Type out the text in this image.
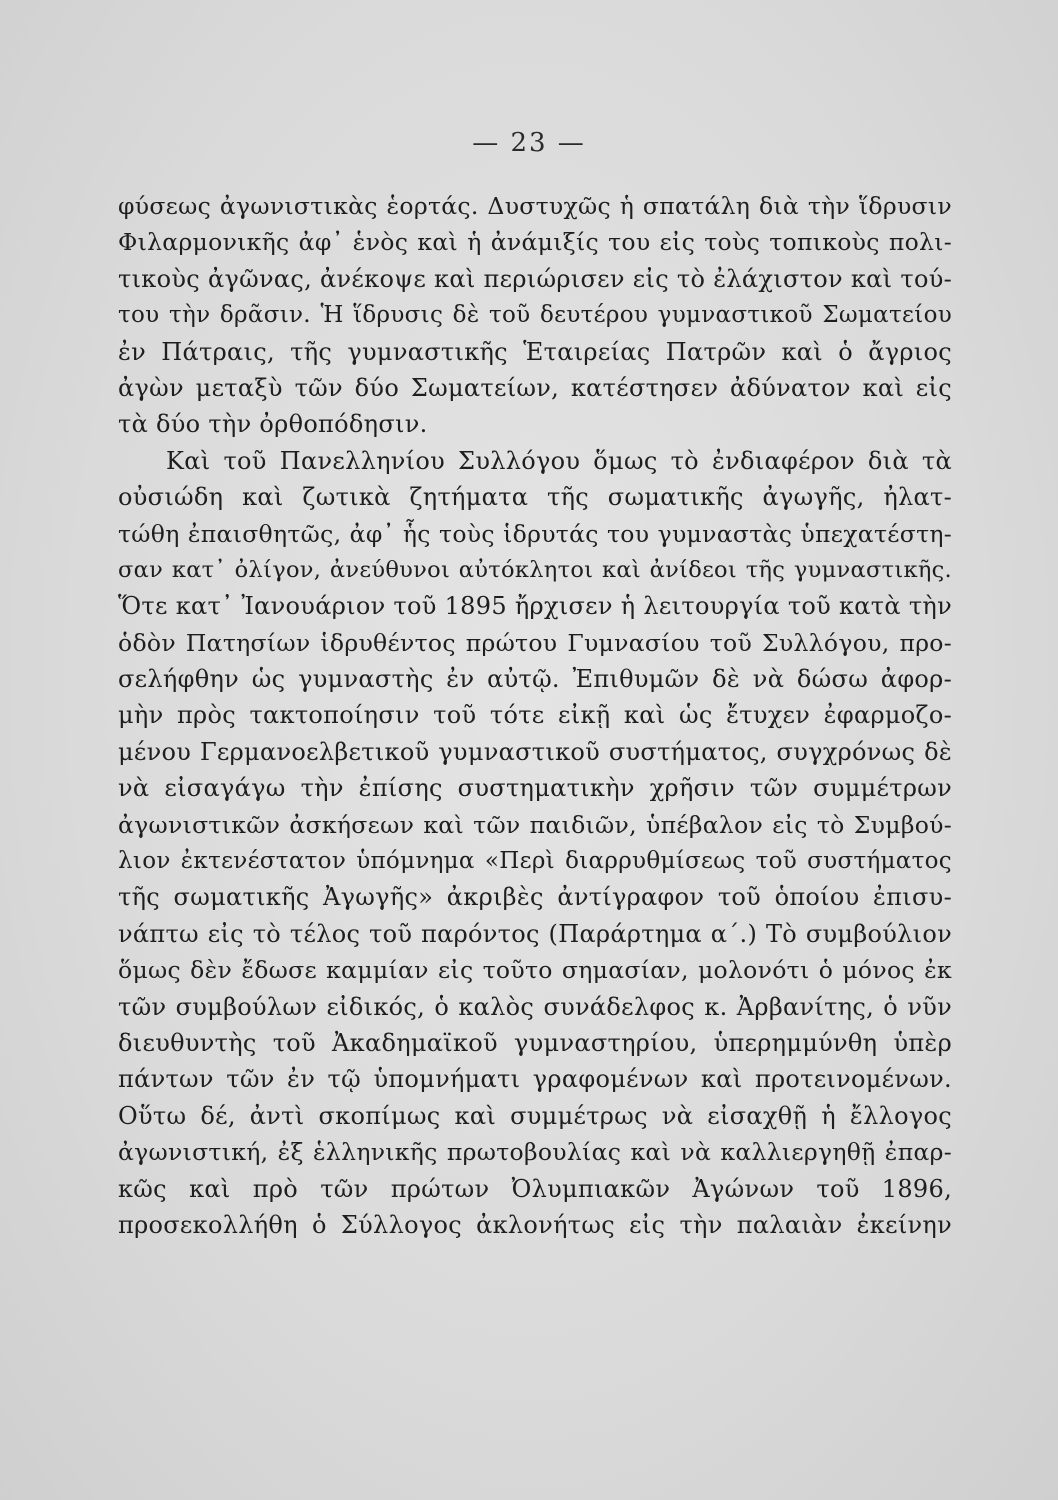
— 23 —
φύσεως ἀγωνιστικὰς ἑορτάς. Δυστυχῶς ἡ σπατάλη διὰ τὴν ἵδρυσιν
Φιλαρμονικῆς ἀφ᾽ ἑνὸς καὶ ἡ ἀνάμιξίς του εἰς τοὺς τοπικοὺς πολι-
τικοὺς ἀγῶνας, ἀνέκοψε καὶ περιώρισεν εἰς τὸ ἐλάχιστον καὶ τού-
του τὴν δρᾶσιν. Ἡ ἵδρυσις δὲ τοῦ δευτέρου γυμναστικοῦ Σωματείου
ἐν Πάτραις, τῆς γυμναστικῆς Ἑταιρείας Πατρῶν καὶ ὁ ἄγριος
ἀγὼν μεταξὺ τῶν δύο Σωματείων, κατέστησεν ἀδύνατον καὶ εἰς
τὰ δύο τὴν ὀρθοπόδησιν.
Καὶ τοῦ Πανελληνίου Συλλόγου ὅμως τὸ ἐνδιαφέρον διὰ τὰ
οὐσιώδη καὶ ζωτικὰ ζητήματα τῆς σωματικῆς ἀγωγῆς, ἠλατ-
τώθη ἐπαισθητῶς, ἀφ᾽ ἧς τοὺς ἱδρυτάς του γυμναστὰς ὑπεχατέστη-
σαν κατ᾽ ὀλίγον, ἀνεύθυνοι αὐτόκλητοι καὶ ἀνίδεοι τῆς γυμναστικῆς.
Ὅτε κατ᾽ Ἰανουάριον τοῦ 1895 ἤρχισεν ἡ λειτουργία τοῦ κατὰ τὴν
ὁδὸν Πατησίων ἱδρυθέντος πρώτου Γυμνασίου τοῦ Συλλόγου, προ-
σελήφθην ὡς γυμναστὴς ἐν αὐτῷ. Ἐπιθυμῶν δὲ νὰ δώσω ἀφορ-
μὴν πρὸς τακτοποίησιν τοῦ τότε εἰκῇ καὶ ὡς ἔτυχεν ἐφαρμοζο-
μένου Γερμανοελβετικοῦ γυμναστικοῦ συστήματος, συγχρόνως δὲ
νὰ εἰσαγάγω τὴν ἐπίσης συστηματικὴν χρῆσιν τῶν συμμέτρων
ἀγωνιστικῶν ἀσκήσεων καὶ τῶν παιδιῶν, ὑπέβαλον εἰς τὸ Συμβού-
λιον ἐκτενέστατον ὑπόμνημα «Περὶ διαρρυθμίσεως τοῦ συστήματος
τῆς σωματικῆς Ἀγωγῆς» ἀκριβὲς ἀντίγραφον τοῦ ὁποίου ἐπισυ-
νάπτω εἰς τὸ τέλος τοῦ παρόντος (Παράρτημα α΄.) Τὸ συμβούλιον
ὅμως δὲν ἔδωσε καμμίαν εἰς τοῦτο σημασίαν, μολονότι ὁ μόνος ἐκ
τῶν συμβούλων εἰδικός, ὁ καλὸς συνάδελφος κ. Ἀρβανίτης, ὁ νῦν
διευθυντὴς τοῦ Ἀκαδημαϊκοῦ γυμναστηρίου, ὑπερημμύνθη ὑπὲρ
πάντων τῶν ἐν τῷ ὑπομνήματι γραφομένων καὶ προτεινομένων.
Οὕτω δέ, ἀντὶ σκοπίμως καὶ συμμέτρως νὰ εἰσαχθῇ ἡ ἔλλογος
ἀγωνιστική, ἐξ ἑλληνικῆς πρωτοβουλίας καὶ νὰ καλλιεργηθῇ ἐπαρ-
κῶς καὶ πρὸ τῶν πρώτων Ὀλυμπιακῶν Ἀγώνων τοῦ 1896,
προσεκολλήθη ὁ Σύλλογος ἀκλονήτως εἰς τὴν παλαιὰν ἐκείνην
